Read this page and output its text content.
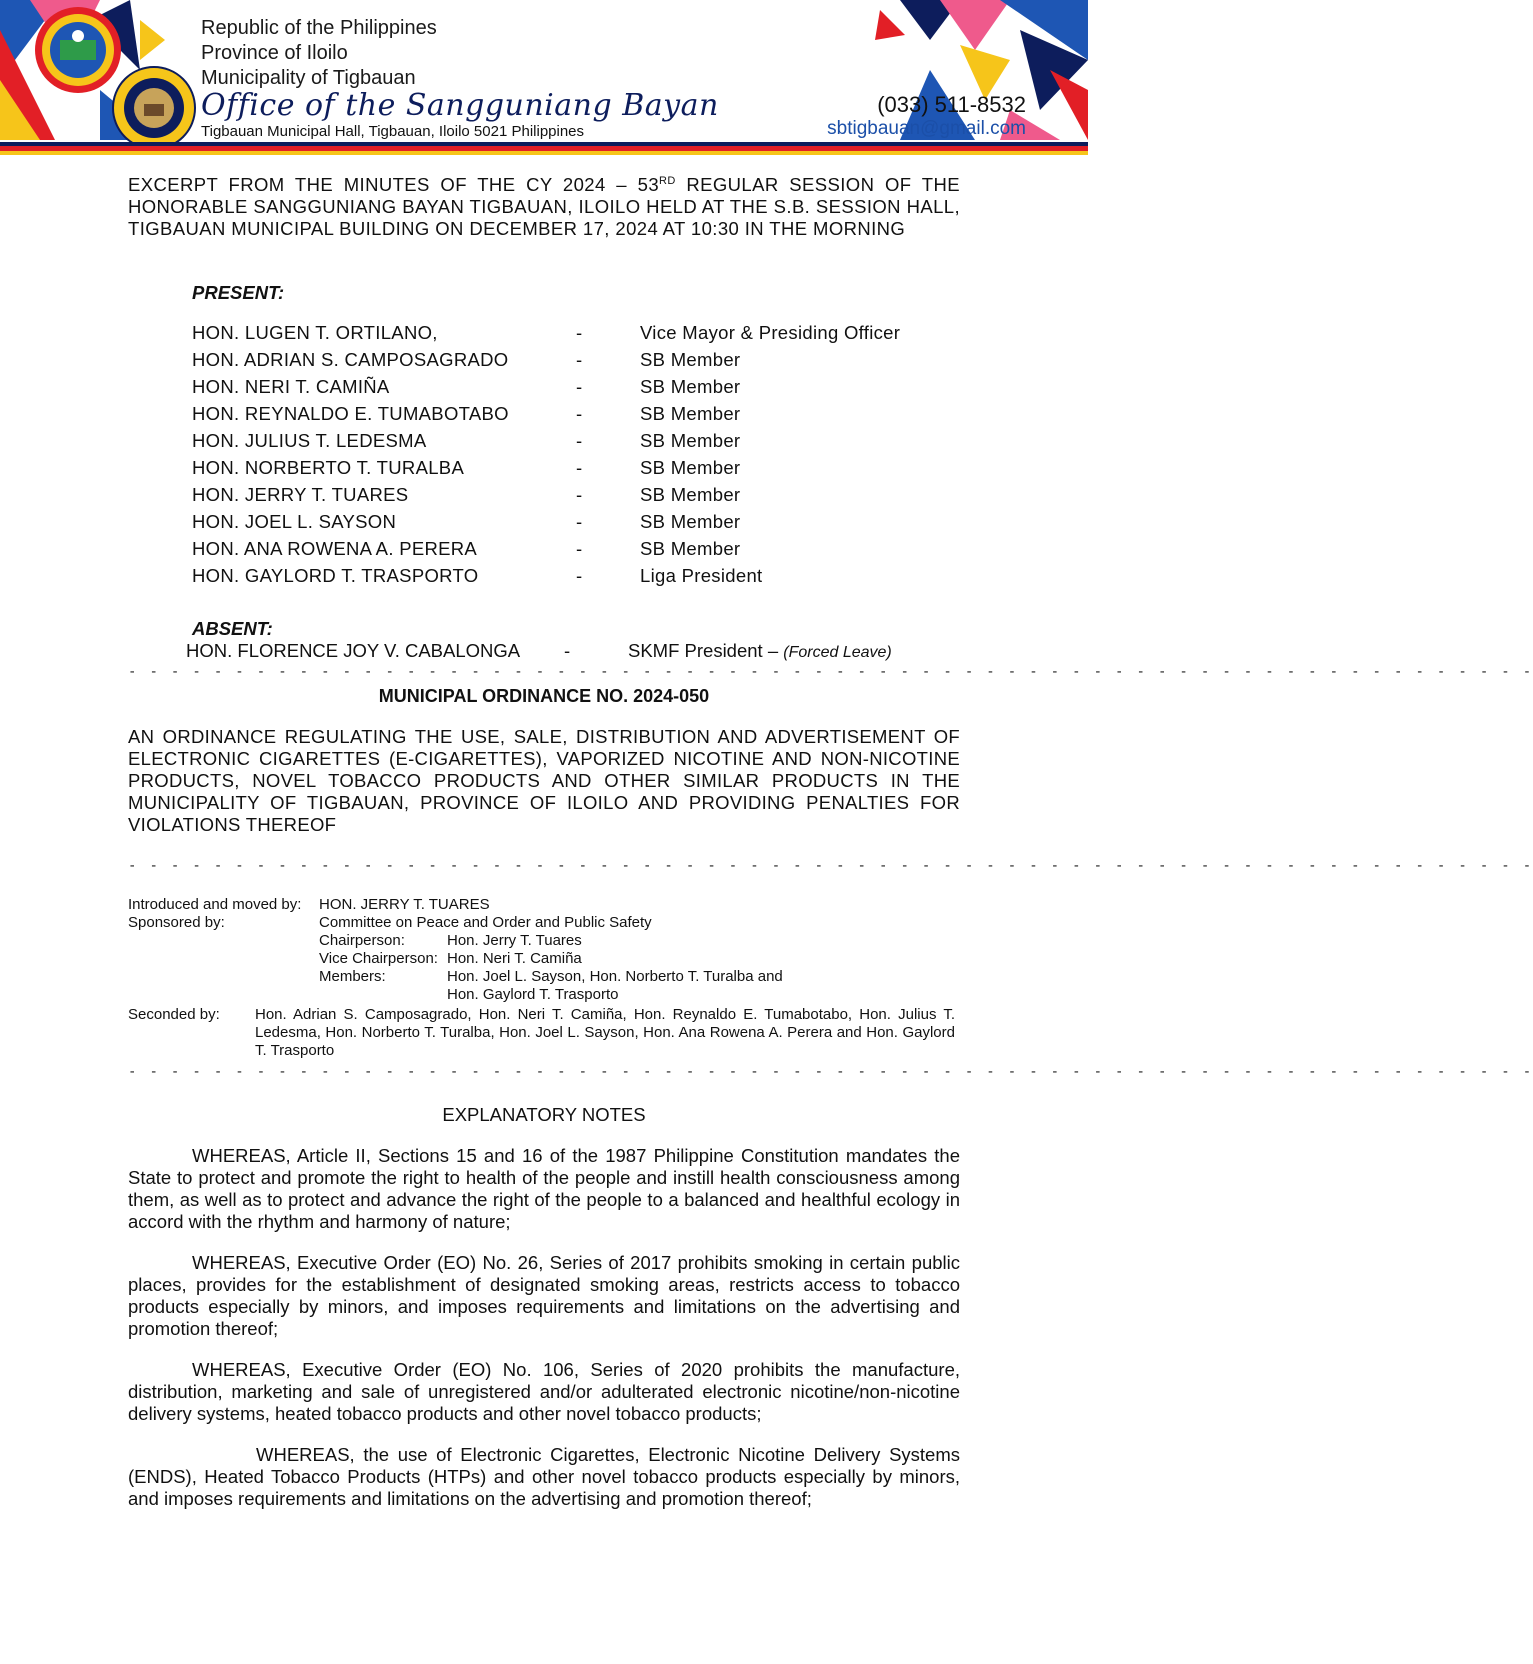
Republic of the Philippines
Province of Iloilo
Municipality of Tigbauan
Office of the Sangguniang Bayan
Tigbauan Municipal Hall, Tigbauan, Iloilo 5021 Philippines
(033) 511-8532
sbtigbauan@gmail.com
EXCERPT FROM THE MINUTES OF THE CY 2024 – 53RD REGULAR SESSION OF THE HONORABLE SANGGUNIANG BAYAN TIGBAUAN, ILOILO HELD AT THE S.B. SESSION HALL, TIGBAUAN MUNICIPAL BUILDING ON DECEMBER 17, 2024 AT 10:30 IN THE MORNING
PRESENT:
HON. LUGEN T. ORTILANO,	-	Vice Mayor & Presiding Officer
HON. ADRIAN S. CAMPOSAGRADO	-	SB Member
HON. NERI T. CAMIÑA	-	SB Member
HON. REYNALDO E. TUMABOTABO	-	SB Member
HON. JULIUS T. LEDESMA	-	SB Member
HON. NORBERTO T. TURALBA	-	SB Member
HON. JERRY T. TUARES	-	SB Member
HON. JOEL L. SAYSON	-	SB Member
HON. ANA ROWENA A. PERERA	-	SB Member
HON. GAYLORD T. TRASPORTO	-	Liga President
ABSENT:
HON. FLORENCE JOY V. CABALONGA -	SKMF President – (Forced Leave)
- - - - - - - - - - - - - - - - - - - - - - - - - - - - - - - - - - - - - - - - - - - - - - - - - - - - - - - - - - - - - - - - - -
MUNICIPAL ORDINANCE NO. 2024-050
AN ORDINANCE REGULATING THE USE, SALE, DISTRIBUTION AND ADVERTISEMENT OF ELECTRONIC CIGARETTES (E-CIGARETTES), VAPORIZED NICOTINE AND NON-NICOTINE PRODUCTS, NOVEL TOBACCO PRODUCTS AND OTHER SIMILAR PRODUCTS IN THE MUNICIPALITY OF TIGBAUAN, PROVINCE OF ILOILO AND PROVIDING PENALTIES FOR VIOLATIONS THEREOF
- - - - - - - - - - - - - - - - - - - - - - - - - - - - - - - - - - - - - - - - - - - - - - - - - - - - - - - - - - - - - - - - - -
Introduced and moved by: HON. JERRY T. TUARES
Sponsored by:	Committee on Peace and Order and Public Safety
Chairperson:	Hon. Jerry T. Tuares
Vice Chairperson: Hon. Neri T. Camiña
Members:	Hon. Joel L. Sayson, Hon. Norberto T. Turalba and
Hon. Gaylord T. Trasporto
Seconded by: Hon. Adrian S. Camposagrado, Hon. Neri T. Camiña, Hon. Reynaldo E. Tumabotabo, Hon. Julius T. Ledesma, Hon. Norberto T. Turalba, Hon. Joel L. Sayson, Hon. Ana Rowena A. Perera and Hon. Gaylord T. Trasporto
- - - - - - - - - - - - - - - - - - - - - - - - - - - - - - - - - - - - - - - - - - - - - - - - - - - - - - - - - - - - - - - - - -
EXPLANATORY NOTES
WHEREAS, Article II, Sections 15 and 16 of the 1987 Philippine Constitution mandates the State to protect and promote the right to health of the people and instill health consciousness among them, as well as to protect and advance the right of the people to a balanced and healthful ecology in accord with the rhythm and harmony of nature;
WHEREAS, Executive Order (EO) No. 26, Series of 2017 prohibits smoking in certain public places, provides for the establishment of designated smoking areas, restricts access to tobacco products especially by minors, and imposes requirements and limitations on the advertising and promotion thereof;
WHEREAS, Executive Order (EO) No. 106, Series of 2020 prohibits the manufacture, distribution, marketing and sale of unregistered and/or adulterated electronic nicotine/non-nicotine delivery systems, heated tobacco products and other novel tobacco products;
WHEREAS, the use of Electronic Cigarettes, Electronic Nicotine Delivery Systems (ENDS), Heated Tobacco Products (HTPs) and other novel tobacco products especially by minors, and imposes requirements and limitations on the advertising and promotion thereof;
